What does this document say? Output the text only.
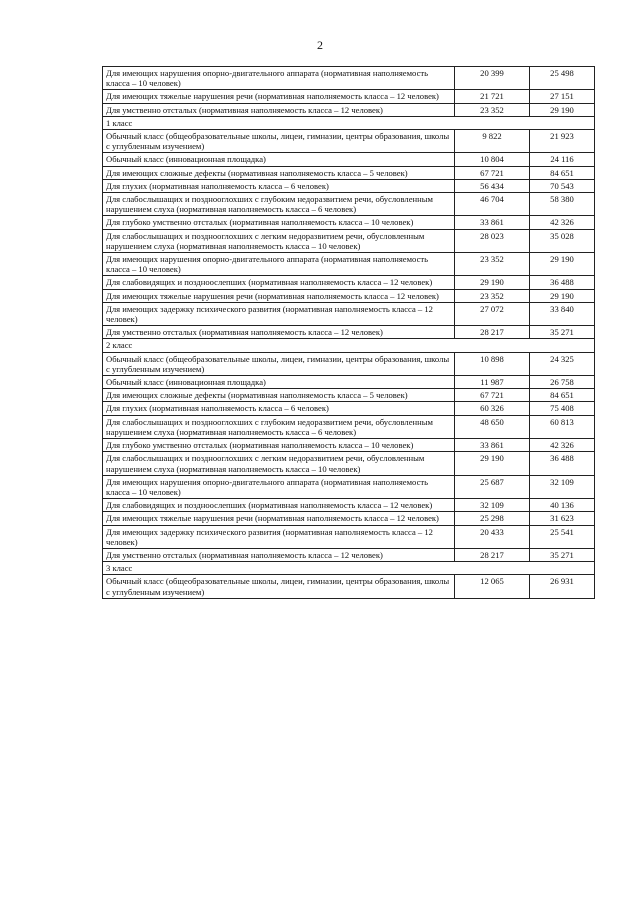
2
Для имеющих нарушения опорно-двигательного аппарата (нормативная наполняемость класса – 10 человек)	20 399	25 498
Для имеющих тяжелые нарушения речи (нормативная наполняемость класса – 12 человек)	21 721	27 151
Для умственно отсталых (нормативная наполняемость класса – 12 человек)	23 352	29 190
1 класс		
Обычный класс (общеобразовательные школы, лицеи, гимназии, центры образования, школы с углубленным изучением)	9 822	21 923
Обычный класс (инновационная площадка)	10 804	24 116
Для имеющих сложные дефекты (нормативная наполняемость класса – 5 человек)	67 721	84 651
Для глухих (нормативная наполняемость класса – 6 человек)	56 434	70 543
Для слабослышащих и позднооглохших с глубоким недоразвитием речи, обусловленным нарушением слуха (нормативная наполняемость класса – 6 человек)	46 704	58 380
Для глубоко умственно отсталых (нормативная наполняемость класса – 10 человек)	33 861	42 326
Для слабослышащих и позднооглохших с легким недоразвитием речи, обусловленным нарушением слуха (нормативная наполняемость класса – 10 человек)	28 023	35 028
Для имеющих нарушения опорно-двигательного аппарата (нормативная наполняемость класса – 10 человек)	23 352	29 190
Для слабовидящих и поздноослепших (нормативная наполняемость класса – 12 человек)	29 190	36 488
Для имеющих тяжелые нарушения речи (нормативная наполняемость класса – 12 человек)	23 352	29 190
Для имеющих задержку психического развития (нормативная наполняемость класса – 12 человек)	27 072	33 840
Для умственно отсталых (нормативная наполняемость класса – 12 человек)	28 217	35 271
2 класс		
Обычный класс (общеобразовательные школы, лицеи, гимназии, центры образования, школы с углубленным изучением)	10 898	24 325
Обычный класс (инновационная площадка)	11 987	26 758
Для имеющих сложные дефекты (нормативная наполняемость класса – 5 человек)	67 721	84 651
Для глухих (нормативная наполняемость класса – 6 человек)	60 326	75 408
Для слабослышащих и позднооглохших с глубоким недоразвитием речи, обусловленным нарушением слуха (нормативная наполняемость класса – 6 человек)	48 650	60 813
Для глубоко умственно отсталых (нормативная наполняемость класса – 10 человек)	33 861	42 326
Для слабослышащих и позднооглохших с легким недоразвитием речи, обусловленным нарушением слуха (нормативная наполняемость класса – 10 человек)	29 190	36 488
Для имеющих нарушения опорно-двигательного аппарата (нормативная наполняемость класса – 10 человек)	25 687	32 109
Для слабовидящих и поздноослепших (нормативная наполняемость класса – 12 человек)	32 109	40 136
Для имеющих тяжелые нарушения речи (нормативная наполняемость класса – 12 человек)	25 298	31 623
Для имеющих задержку психического развития (нормативная наполняемость класса – 12 человек)	20 433	25 541
Для умственно отсталых (нормативная наполняемость класса – 12 человек)	28 217	35 271
3 класс		
Обычный класс (общеобразовательные школы, лицеи, гимназии, центры образования, школы с углубленным изучением)	12 065	26 931
